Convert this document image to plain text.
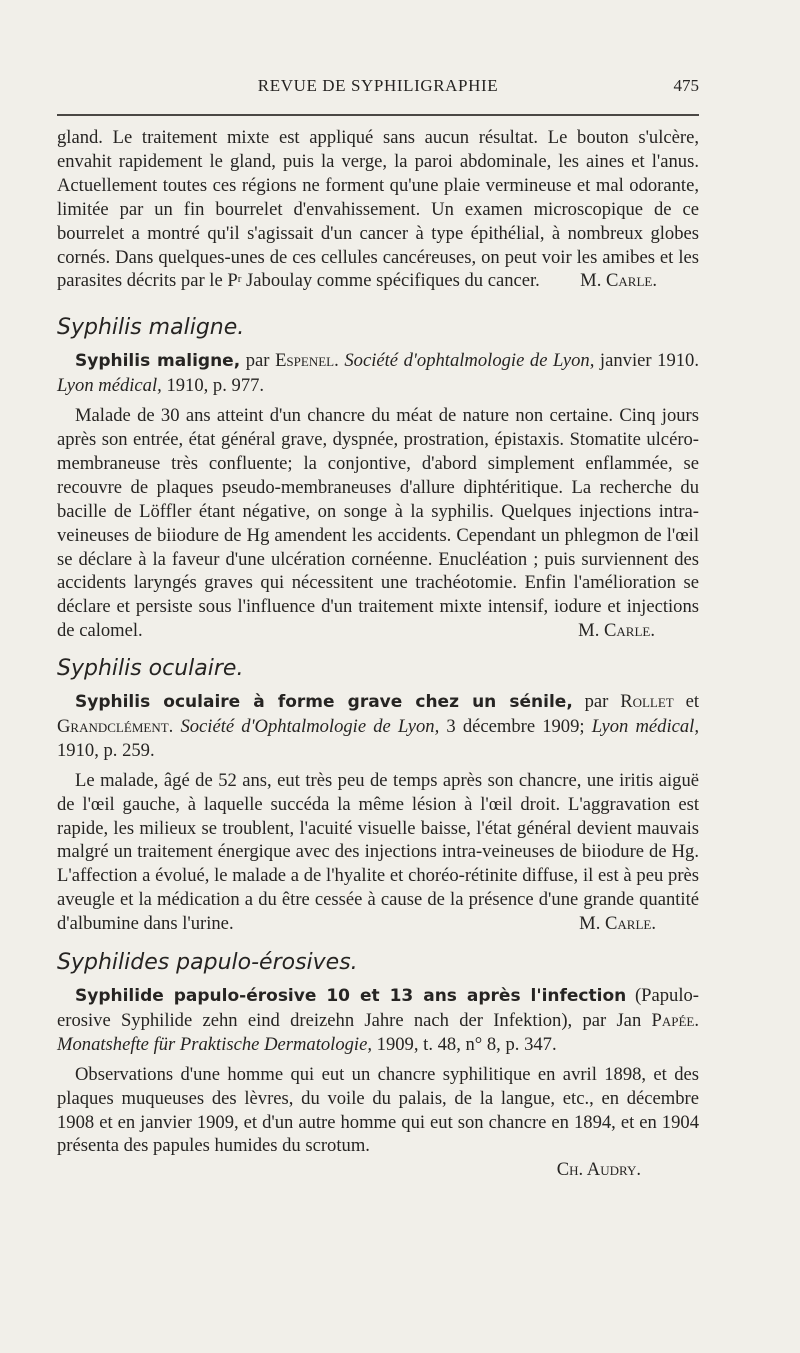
REVUE DE SYPHILIGRAPHIE	475

gland. Le traitement mixte est appliqué sans aucun résultat. Le bouton s'ulcère, envahit rapidement le gland, puis la verge, la paroi abdominale, les aines et l'anus. Actuellement toutes ces régions ne forment qu'une plaie vermineuse et mal odorante, limitée par un fin bourrelet d'envahissement. Un examen microscopique de ce bourrelet a montré qu'il s'agissait d'un cancer à type épithélial, à nombreux globes cornés. Dans quelques-unes de ces cellules cancéreuses, on peut voir les amibes et les parasites décrits par le $P^r$ Jaboulay comme spécifiques du cancer. M. Carle.

Syphilis maligne.

Syphilis maligne, par Espenel. Société d'ophtalmologie de Lyon, janvier 1910. Lyon médical, 1910, p. 977.

Malade de 30 ans atteint d'un chancre du méat de nature non certaine. Cinq jours après son entrée, état général grave, dyspnée, prostration, épistaxis. Stomatite ulcéro-membraneuse très confluente; la conjontive, d'abord simplement enflammée, se recouvre de plaques pseudo-membraneuses d'allure diphtéritique. La recherche du bacille de Löffler étant négative, on songe à la syphilis. Quelques injections intra-veineuses de biiodure de Hg amendent les accidents. Cependant un phlegmon de l'œil se déclare à la faveur d'une ulcération cornéenne. Enucléation ; puis surviennent des accidents laryngés graves qui nécessitent une trachéotomie. Enfin l'amélioration se déclare et persiste sous l'influence d'un traitement mixte intensif, iodure et injections de calomel.	M. Carle.

Syphilis oculaire.

Syphilis oculaire à forme grave chez un sénile, par Rollet et Grandclément. Société d'Ophtalmologie de Lyon, 3 décembre 1909; Lyon médical, 1910, p. 259.

Le malade, âgé de 52 ans, eut très peu de temps après son chancre, une iritis aiguë de l'œil gauche, à laquelle succéda la même lésion à l'œil droit. L'aggravation est rapide, les milieux se troublent, l'acuité visuelle baisse, l'état général devient mauvais malgré un traitement énergique avec des injections intra-veineuses de biiodure de Hg. L'affection a évolué, le malade a de l'hyalite et choréo-rétinite diffuse, il est à peu près aveugle et la médication a du être cessée à cause de la présence d'une grande quantité d'albumine dans l'urine.	M. Carle.

Syphilides papulo-érosives.

Syphilide papulo-érosive 10 et 13 ans après l'infection (Papulo-erosive Syphilide zehn eind dreizehn Jahre nach der Infektion), par Jan Papée. Monatshefte für Praktische Dermatologie, 1909, t. 48, n° 8, p. 347.

Observations d'une homme qui eut un chancre syphilitique en avril 1898, et des plaques muqueuses des lèvres, du voile du palais, de la langue, etc., en décembre 1908 et en janvier 1909, et d'un autre homme qui eut son chancre en 1894, et en 1904 présenta des papules humides du scrotum.

Ch. Audry.
